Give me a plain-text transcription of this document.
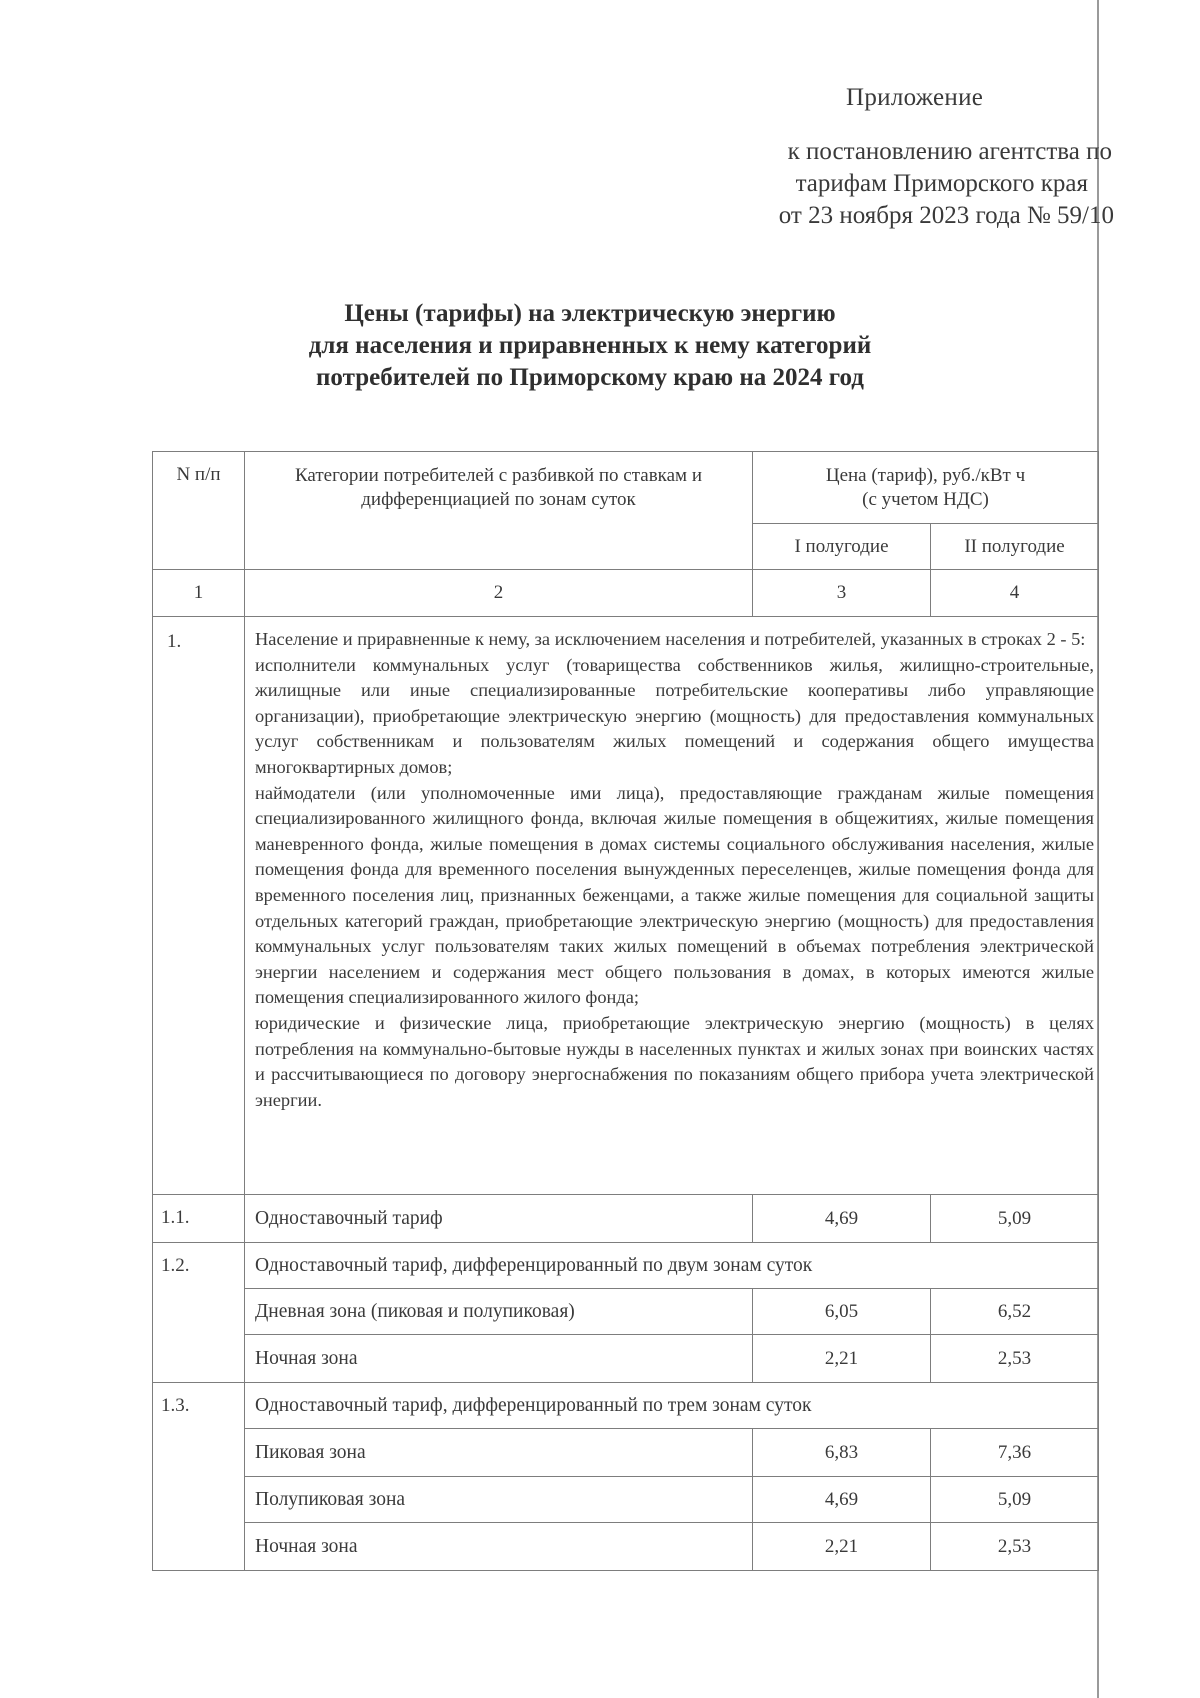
Приложение
к постановлению агентства по
тарифам Приморского края
от 23 ноября 2023 года № 59/10
Цены (тарифы) на электрическую энергию
для населения и приравненных к нему категорий
потребителей по Приморскому краю на 2024 год
N п/п	Категории потребителей с разбивкой по ставкам и дифференциацией по зонам суток	Цена (тариф), руб./кВт ч
(с учетом НДС)	

		I полугодие	II полугодие
1	2	3	4
1.	Население и приравненные к нему, за исключением населения и потребителей, указанных в строках 2 - 5:
исполнители коммунальных услуг (товарищества собственников жилья, жилищно-строительные, жилищные или иные специализированные потребительские кооперативы либо управляющие организации), приобретающие электрическую энергию (мощность) для предоставления коммунальных услуг собственникам и пользователям жилых помещений и содержания общего имущества многоквартирных домов;
наймодатели (или уполномоченные ими лица), предоставляющие гражданам жилые помещения специализированного жилищного фонда, включая жилые помещения в общежитиях, жилые помещения маневренного фонда, жилые помещения в домах системы социального обслуживания населения, жилые помещения фонда для временного поселения вынужденных переселенцев, жилые помещения фонда для временного поселения лиц, признанных беженцами, а также жилые помещения для социальной защиты отдельных категорий граждан, приобретающие электрическую энергию (мощность) для предоставления коммунальных услуг пользователям таких жилых помещений в объемах потребления электрической энергии населением и содержания мест общего пользования в домах, в которых имеются жилые помещения специализированного жилого фонда;
юридические и физические лица, приобретающие электрическую энергию (мощность) в целях потребления на коммунально-бытовые нужды в населенных пунктах и жилых зонах при воинских частях и рассчитывающиеся по договору энергоснабжения по показаниям общего прибора учета электрической энергии.		

1.1.	Одноставочный тариф	4,69	5,09

1.2.	Одноставочный тариф, дифференцированный по двум зонам суток		
	Дневная зона (пиковая и полупиковая)	6,05	6,52
	Ночная зона	2,21	2,53

1.3.	Одноставочный тариф, дифференцированный по трем зонам суток		
	Пиковая зона	6,83	7,36
	Полупиковая зона	4,69	5,09
	Ночная зона	2,21	2,53
